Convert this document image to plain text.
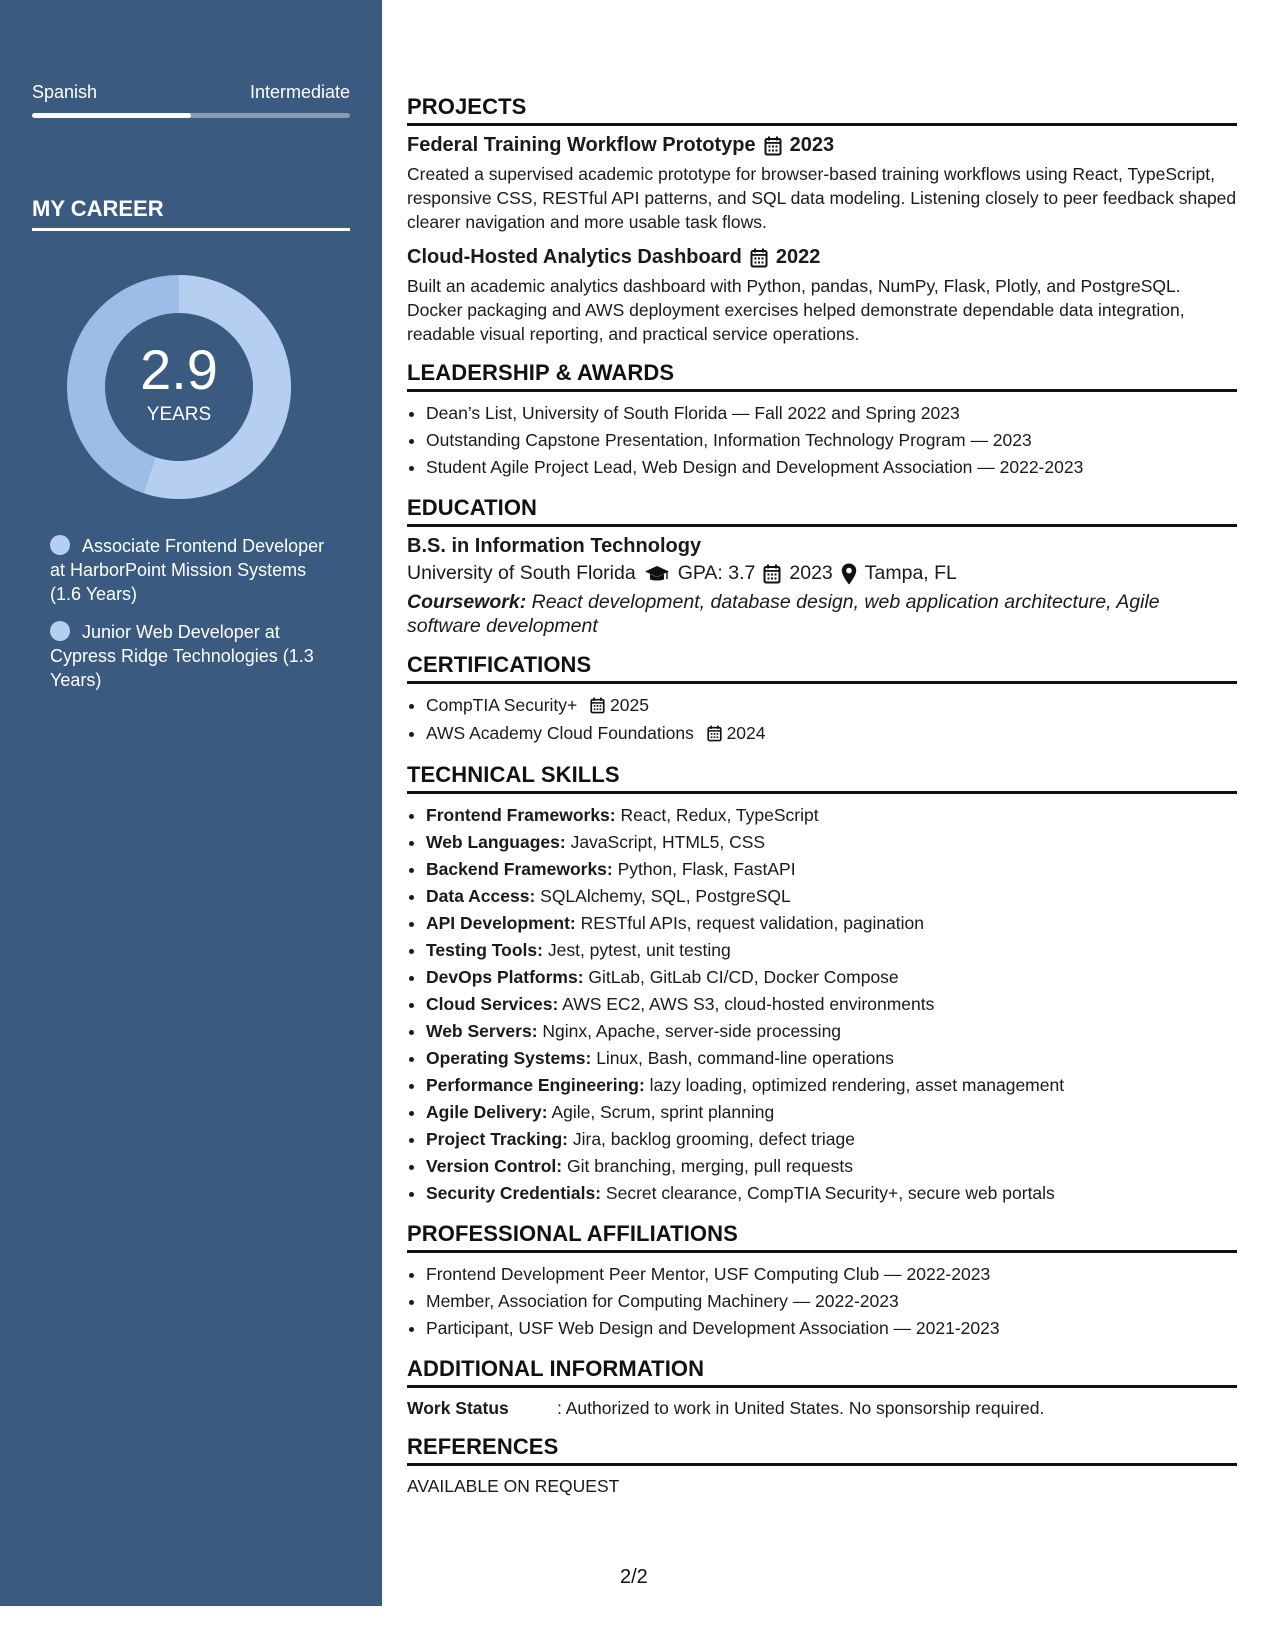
Spanish	Intermediate
MY CAREER
2.9
YEARS
Associate Frontend Developer at HarborPoint Mission Systems (1.6 Years)
Junior Web Developer at Cypress Ridge Technologies (1.3 Years)
PROJECTS
Federal Training Workflow Prototype 2023

Created a supervised academic prototype for browser-based training workflows using React, TypeScript, responsive CSS, RESTful API patterns, and SQL data modeling. Listening closely to peer feedback shaped clearer navigation and more usable task flows.

Cloud-Hosted Analytics Dashboard 2022

Built an academic analytics dashboard with Python, pandas, NumPy, Flask, Plotly, and PostgreSQL. Docker packaging and AWS deployment exercises helped demonstrate dependable data integration, readable visual reporting, and practical service operations.

LEADERSHIP & AWARDS
• Dean’s List, University of South Florida — Fall 2022 and Spring 2023
• Outstanding Capstone Presentation, Information Technology Program — 2023
• Student Agile Project Lead, Web Design and Development Association — 2022-2023
EDUCATION
B.S. in Information Technology
University of South Florida GPA: 3.7 2023 Tampa, FL

Coursework: React development, database design, web application architecture, Agile software development

CERTIFICATIONS
• CompTIA Security+ 2025
• AWS Academy Cloud Foundations 2024
TECHNICAL SKILLS
• Frontend Frameworks: React, Redux, TypeScript
• Web Languages: JavaScript, HTML5, CSS
• Backend Frameworks: Python, Flask, FastAPI
• Data Access: SQLAlchemy, SQL, PostgreSQL
• API Development: RESTful APIs, request validation, pagination
• Testing Tools: Jest, pytest, unit testing
• DevOps Platforms: GitLab, GitLab CI/CD, Docker Compose
• Cloud Services: AWS EC2, AWS S3, cloud-hosted environments
• Web Servers: Nginx, Apache, server-side processing
• Operating Systems: Linux, Bash, command-line operations
• Performance Engineering: lazy loading, optimized rendering, asset management
• Agile Delivery: Agile, Scrum, sprint planning
• Project Tracking: Jira, backlog grooming, defect triage
• Version Control: Git branching, merging, pull requests
• Security Credentials: Secret clearance, CompTIA Security+, secure web portals
PROFESSIONAL AFFILIATIONS
• Frontend Development Peer Mentor, USF Computing Club — 2022-2023
• Member, Association for Computing Machinery — 2022-2023
• Participant, USF Web Design and Development Association — 2021-2023
ADDITIONAL INFORMATION
Work Status	: Authorized to work in United States. No sponsorship required.
REFERENCES

AVAILABLE ON REQUEST

2/2
